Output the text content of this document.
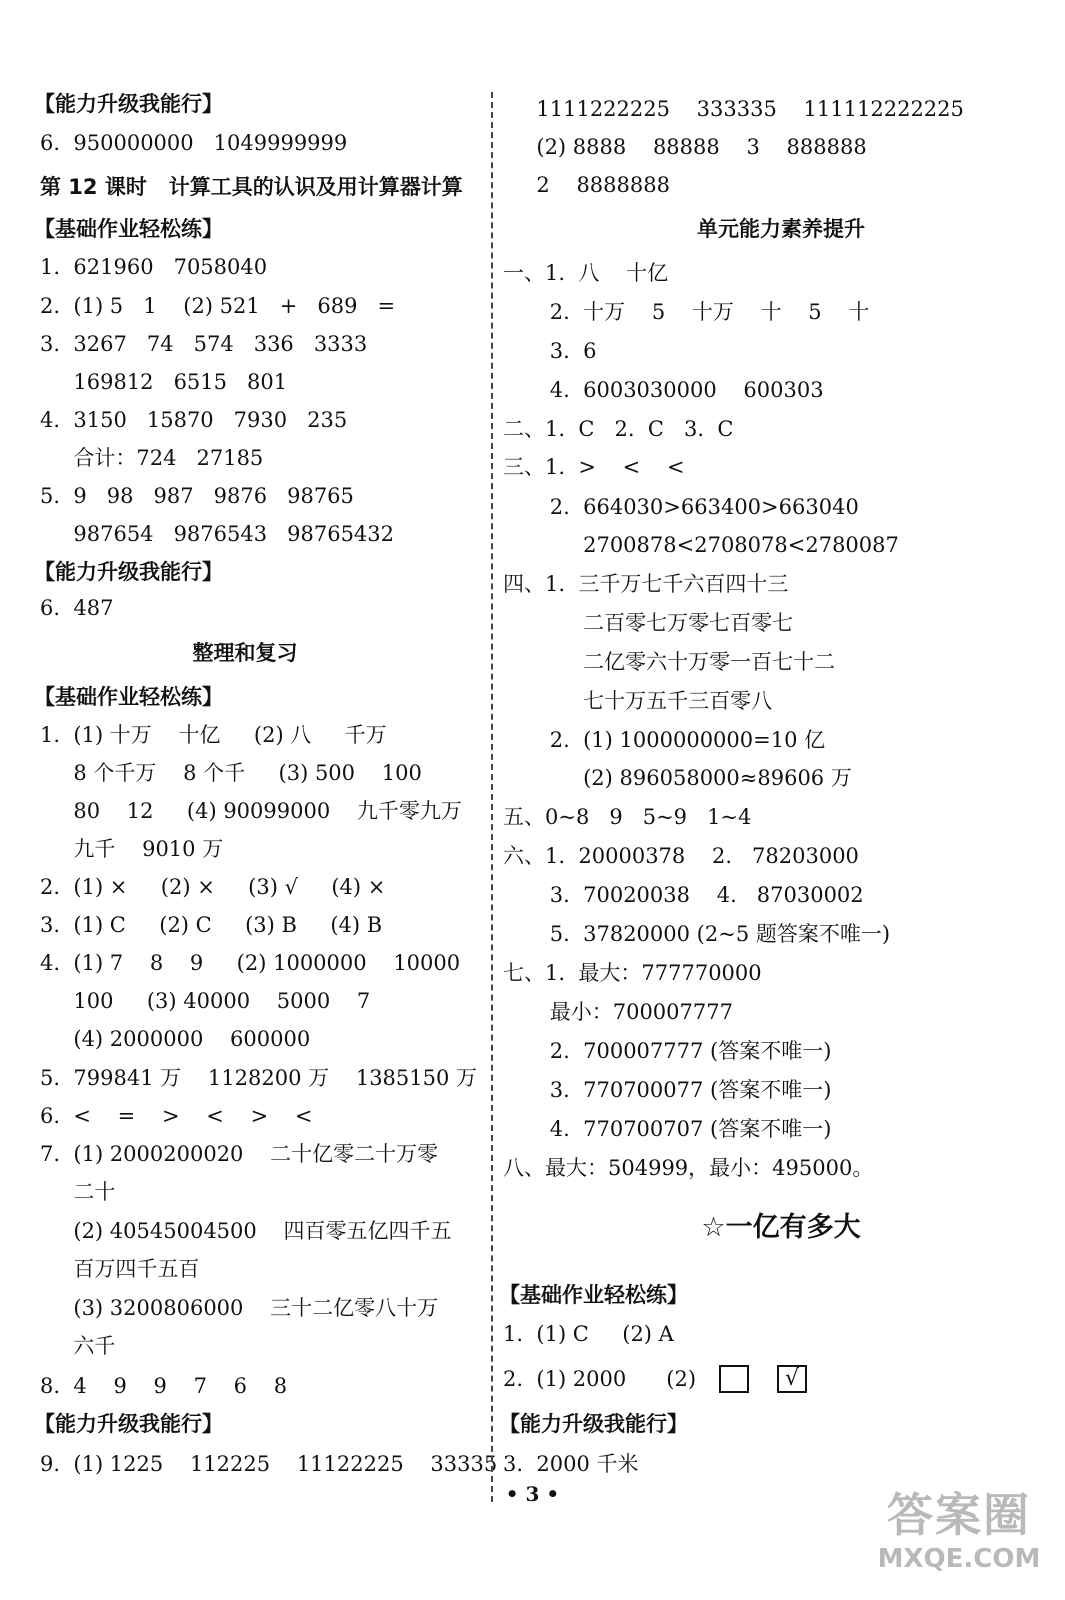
【能力升级我能行】
6.  950000000   1049999999
第 12 课时   计算工具的认识及用计算器计算
【基础作业轻松练】
1.  621960   7058040
2.  (1) 5   1    (2) 521   +   689   =
3.  3267   74   574   336   3333
169812   6515   801
4.  3150   15870   7930   235
合计：724   27185
5.  9   98   987   9876   98765
987654   9876543   98765432
【能力升级我能行】
6.  487
整理和复习
【基础作业轻松练】
1.  (1) 十万    十亿     (2) 八     千万
8 个千万    8 个千     (3) 500    100
80    12     (4) 90099000    九千零九万
九千    9010 万
2.  (1) ×     (2) ×     (3) √     (4) ×
3.  (1) C     (2) C     (3) B     (4) B
4.  (1) 7    8    9     (2) 1000000    10000
100     (3) 40000    5000    7
(4) 2000000    600000
5.  799841 万    1128200 万    1385150 万
6.  <    =    >    <    >    <
7.  (1) 2000200020    二十亿零二十万零
二十
(2) 40545004500    四百零五亿四千五
百万四千五百
(3) 3200806000    三十二亿零八十万
六千
8.  4    9    9    7    6    8
【能力升级我能行】
9.  (1) 1225    112225    11122225    33335
1111222225    333335    111112222225
(2) 8888    88888    3    888888
2    8888888
单元能力素养提升
一、1.  八    十亿
2.  十万    5    十万    十    5    十
3.  6
4.  6003030000    600303
二、1.  C   2.  C   3.  C
三、1.  >    <    <
2.  664030>663400>663040
2700878<2708078<2780087
四、1.  三千万七千六百四十三
二百零七万零七百零七
二亿零六十万零一百七十二
七十万五千三百零八
2.  (1) 1000000000=10 亿
(2) 896058000≈89606 万
五、0~8   9   5~9   1~4
六、1.  20000378    2.   78203000
3.  70020038    4.   87030002
5.  37820000 (2~5 题答案不唯一)
七、1.  最大：777770000
最小：700007777
2.  700007777 (答案不唯一)
3.  770700077 (答案不唯一)
4.  770700707 (答案不唯一)
八、最大：504999，最小：495000。
☆一亿有多大
【基础作业轻松练】
1.  (1) C     (2) A
2.  (1) 2000      (2)	√
【能力升级我能行】
3.  2000 千米
• 3 •	答案圈
MXQE.COM
